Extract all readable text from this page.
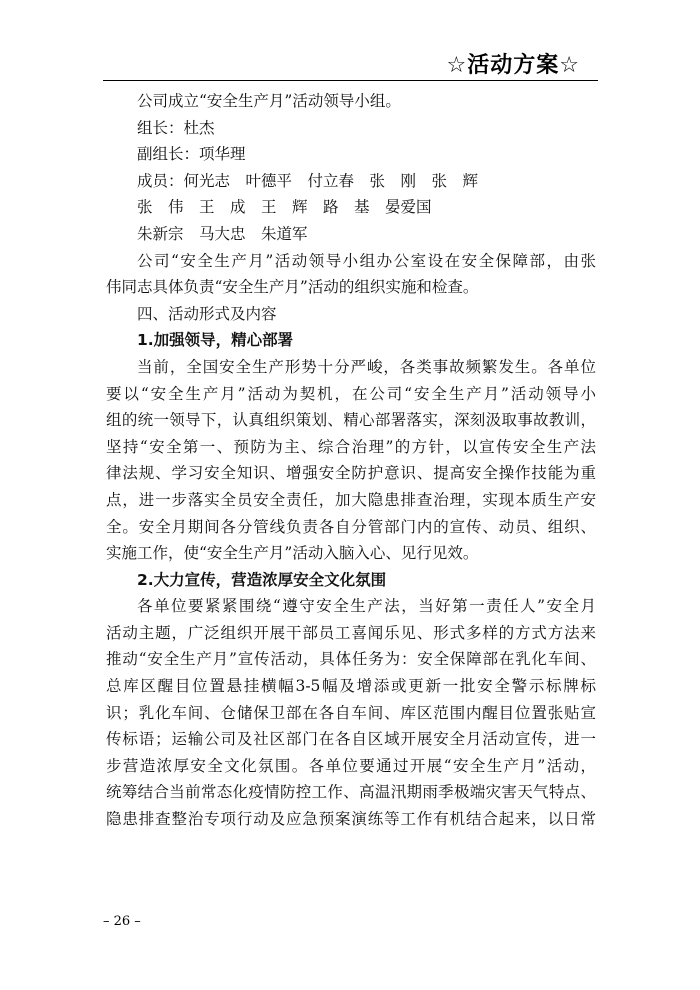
☆活动方案☆
公司成立“安全生产月”活动领导小组。
组长：杜杰
副组长：项华理
成员：何光志　叶德平　付立春　张　刚　张　辉
张　伟　王　成　王　辉　路　基　晏爱国
朱新宗　马大忠　朱道军
公司“安全生产月”活动领导小组办公室设在安全保障部，由张
伟同志具体负责“安全生产月”活动的组织实施和检查。
四、活动形式及内容
1.加强领导，精心部署
当前，全国安全生产形势十分严峻，各类事故频繁发生。各单位
要以“安全生产月”活动为契机，在公司“安全生产月”活动领导小
组的统一领导下，认真组织策划、精心部署落实，深刻汲取事故教训，
坚持“安全第一、预防为主、综合治理”的方针，以宣传安全生产法
律法规、学习安全知识、增强安全防护意识、提高安全操作技能为重
点，进一步落实全员安全责任，加大隐患排查治理，实现本质生产安
全。安全月期间各分管线负责各自分管部门内的宣传、动员、组织、
实施工作，使“安全生产月”活动入脑入心、见行见效。
2.大力宣传，营造浓厚安全文化氛围
各单位要紧紧围绕“遵守安全生产法，当好第一责任人”安全月
活动主题，广泛组织开展干部员工喜闻乐见、形式多样的方式方法来
推动“安全生产月”宣传活动，具体任务为：安全保障部在乳化车间、
总库区醒目位置悬挂横幅3-5幅及增添或更新一批安全警示标牌标
识；乳化车间、仓储保卫部在各自车间、库区范围内醒目位置张贴宣
传标语；运输公司及社区部门在各自区域开展安全月活动宣传，进一
步营造浓厚安全文化氛围。各单位要通过开展“安全生产月”活动，
统筹结合当前常态化疫情防控工作、高温汛期雨季极端灾害天气特点、
隐患排查整治专项行动及应急预案演练等工作有机结合起来，以日常
– 26 –
